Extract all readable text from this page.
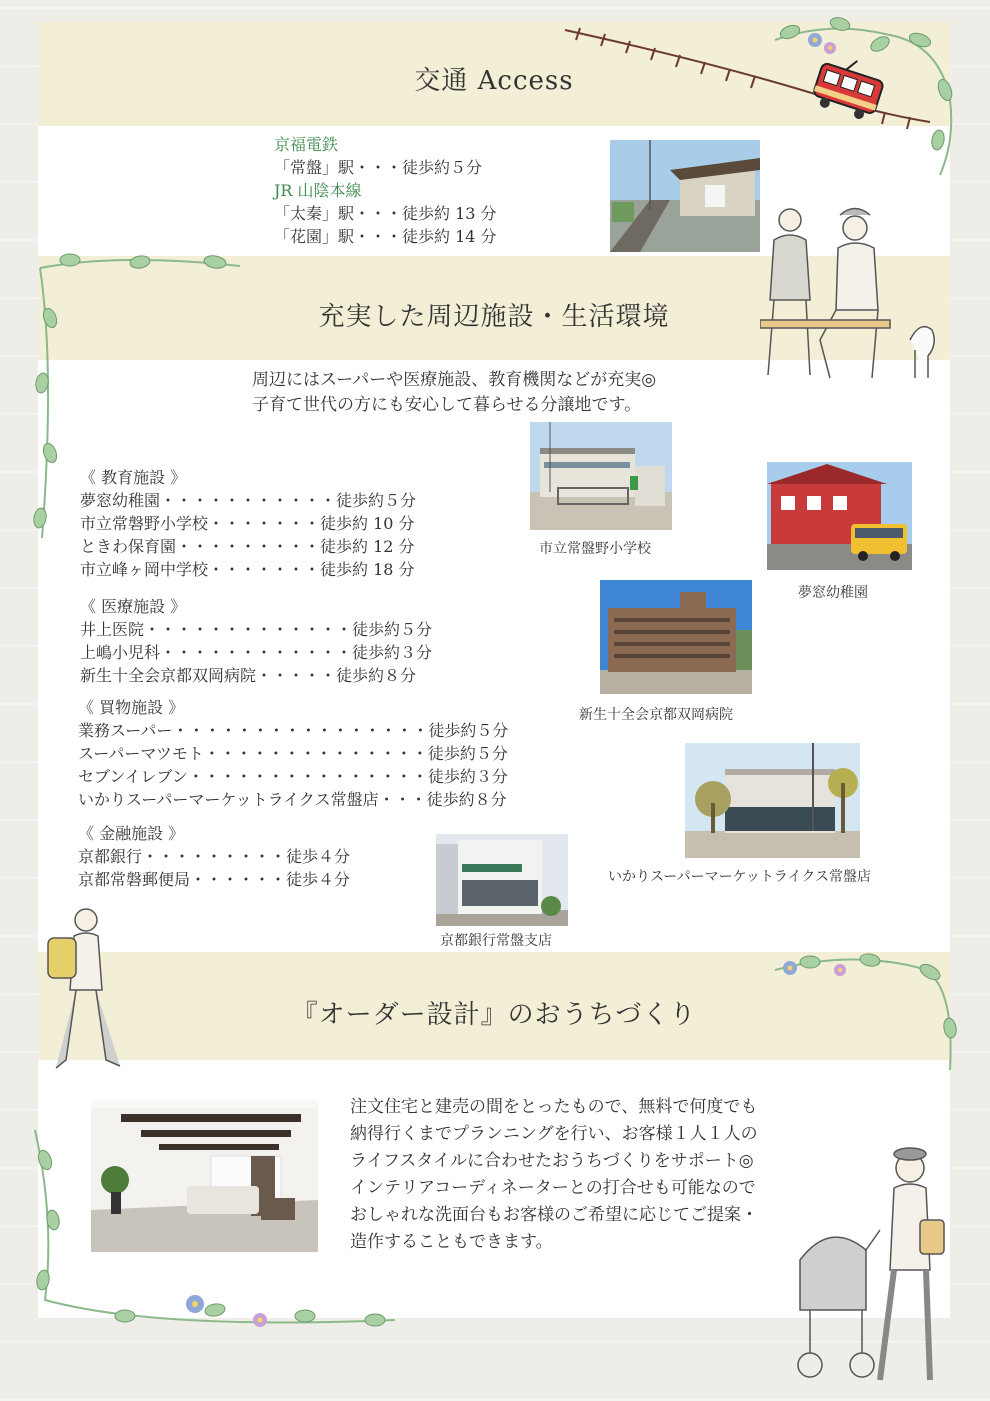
交通 Access
京福電鉄
「常盤」駅・・・徒歩約５分
JR 山陰本線
「太秦」駅・・・徒歩約 13 分
「花園」駅・・・徒歩約 14 分
充実した周辺施設・生活環境
周辺にはスーパーや医療施設、教育機関などが充実◎
子育て世代の方にも安心して暮らせる分譲地です。
《 教育施設 》
夢窓幼稚園・・・・・・・・・・・徒歩約５分
市立常磐野小学校・・・・・・・徒歩約 10 分
ときわ保育園・・・・・・・・・徒歩約 12 分
市立峰ヶ岡中学校・・・・・・・徒歩約 18 分
《 医療施設 》
井上医院・・・・・・・・・・・・・徒歩約５分
上嶋小児科・・・・・・・・・・・・徒歩約３分
新生十全会京都双岡病院・・・・・徒歩約８分
《 買物施設 》
業務スーパー・・・・・・・・・・・・・・・・徒歩約５分
スーパーマツモト・・・・・・・・・・・・・・徒歩約５分
セブンイレブン・・・・・・・・・・・・・・・徒歩約３分
いかりスーパーマーケットライクス常盤店・・・徒歩約８分
《 金融施設 》
京都銀行・・・・・・・・・徒歩４分
京都常磐郵便局・・・・・・徒歩４分
市立常盤野小学校
夢窓幼稚園
新生十全会京都双岡病院
いかりスーパーマーケットライクス常盤店
京都銀行常盤支店
『オーダー設計』のおうちづくり
注文住宅と建売の間をとったもので、無料で何度でも
納得行くまでプランニングを行い、お客様１人１人の
ライフスタイルに合わせたおうちづくりをサポート◎
インテリアコーディネーターとの打合せも可能なので
おしゃれな洗面台もお客様のご希望に応じてご提案・
造作することもできます。
